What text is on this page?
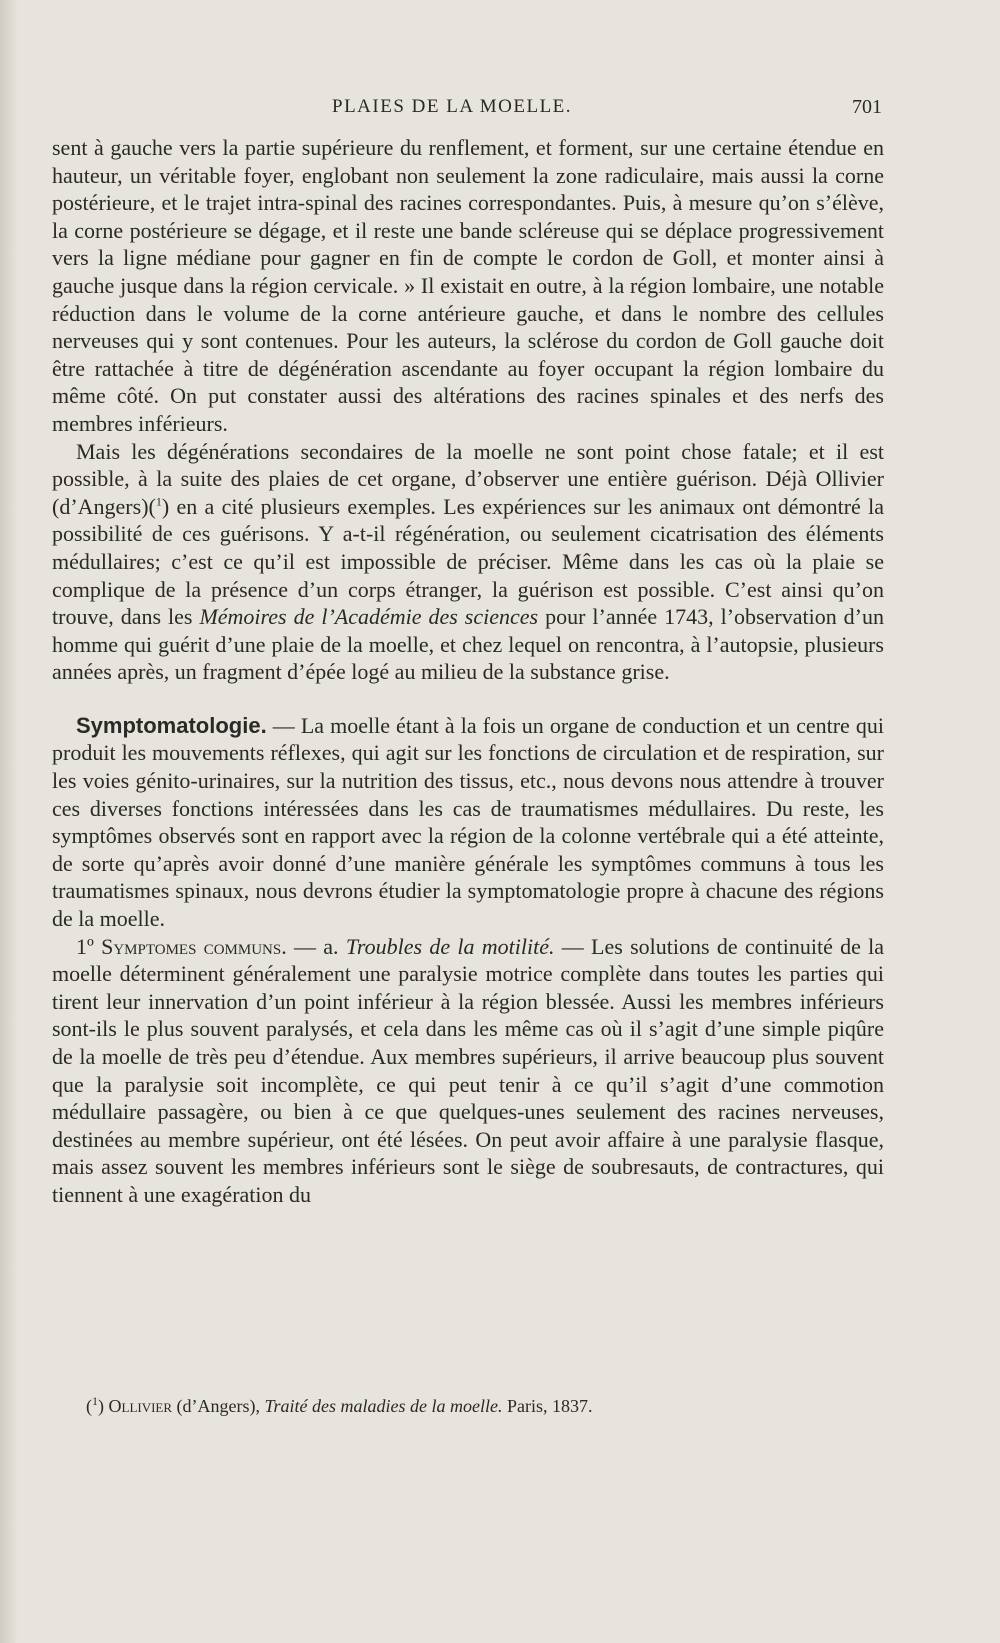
PLAIES DE LA MOELLE.	701

sent à gauche vers la partie supérieure du renflement, et forment, sur une certaine étendue en hauteur, un véritable foyer, englobant non seulement la zone radiculaire, mais aussi la corne postérieure, et le trajet intra-spinal des racines correspondantes. Puis, à mesure qu’on s’élève, la corne postérieure se dégage, et il reste une bande scléreuse qui se déplace progressivement vers la ligne médiane pour gagner en fin de compte le cordon de Goll, et monter ainsi à gauche jusque dans la région cervicale. » Il existait en outre, à la région lombaire, une notable réduction dans le volume de la corne antérieure gauche, et dans le nombre des cellules nerveuses qui y sont contenues. Pour les auteurs, la sclérose du cordon de Goll gauche doit être rattachée à titre de dégénération ascendante au foyer occupant la région lombaire du même côté. On put constater aussi des altérations des racines spinales et des nerfs des membres inférieurs.

Mais les dégénérations secondaires de la moelle ne sont point chose fatale; et il est possible, à la suite des plaies de cet organe, d’observer une entière guérison. Déjà Ollivier (d’Angers)($^1$) en a cité plusieurs exemples. Les expériences sur les animaux ont démontré la possibilité de ces guérisons. Y a-t-il régénération, ou seulement cicatrisation des éléments médullaires; c’est ce qu’il est impossible de préciser. Même dans les cas où la plaie se complique de la présence d’un corps étranger, la guérison est possible. C’est ainsi qu’on trouve, dans les Mémoires de l’Académie des sciences pour l’année 1743, l’observation d’un homme qui guérit d’une plaie de la moelle, et chez lequel on rencontra, à l’autopsie, plusieurs années après, un fragment d’épée logé au milieu de la substance grise.

Symptomatologie. — La moelle étant à la fois un organe de conduction et un centre qui produit les mouvements réflexes, qui agit sur les fonctions de circulation et de respiration, sur les voies génito-urinaires, sur la nutrition des tissus, etc., nous devons nous attendre à trouver ces diverses fonctions intéressées dans les cas de traumatismes médullaires. Du reste, les symptômes observés sont en rapport avec la région de la colonne vertébrale qui a été atteinte, de sorte qu’après avoir donné d’une manière générale les symptômes communs à tous les traumatismes spinaux, nous devrons étudier la symptomatologie propre à chacune des régions de la moelle.

1º Symptomes communs. — a. Troubles de la motilité. — Les solutions de continuité de la moelle déterminent généralement une paralysie motrice complète dans toutes les parties qui tirent leur innervation d’un point inférieur à la région blessée. Aussi les membres inférieurs sont-ils le plus souvent paralysés, et cela dans les même cas où il s’agit d’une simple piqûre de la moelle de très peu d’étendue. Aux membres supérieurs, il arrive beaucoup plus souvent que la paralysie soit incomplète, ce qui peut tenir à ce qu’il s’agit d’une commotion médullaire passagère, ou bien à ce que quelques-unes seulement des racines nerveuses, destinées au membre supérieur, ont été lésées. On peut avoir affaire à une paralysie flasque, mais assez souvent les membres inférieurs sont le siège de soubresauts, de contractures, qui tiennent à une exagération du

($^1$) Ollivier (d’Angers), Traité des maladies de la moelle. Paris, 1837.
